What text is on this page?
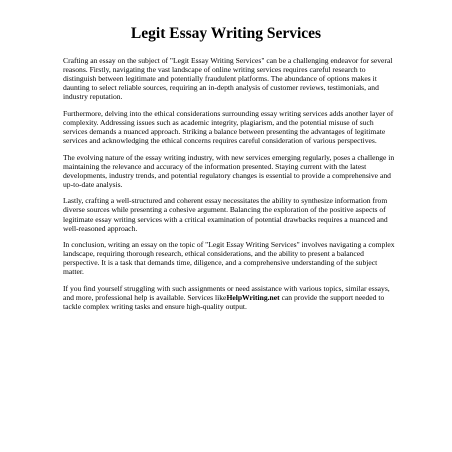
Legit Essay Writing Services

Crafting an essay on the subject of "Legit Essay Writing Services" can be a challenging endeavor for several reasons. Firstly, navigating the vast landscape of online writing services requires careful research to distinguish between legitimate and potentially fraudulent platforms. The abundance of options makes it daunting to select reliable sources, requiring an in-depth analysis of customer reviews, testimonials, and industry reputation.

Furthermore, delving into the ethical considerations surrounding essay writing services adds another layer of complexity. Addressing issues such as academic integrity, plagiarism, and the potential misuse of such services demands a nuanced approach. Striking a balance between presenting the advantages of legitimate services and acknowledging the ethical concerns requires careful consideration of various perspectives.

The evolving nature of the essay writing industry, with new services emerging regularly, poses a challenge in maintaining the relevance and accuracy of the information presented. Staying current with the latest developments, industry trends, and potential regulatory changes is essential to provide a comprehensive and up-to-date analysis.

Lastly, crafting a well-structured and coherent essay necessitates the ability to synthesize information from diverse sources while presenting a cohesive argument. Balancing the exploration of the positive aspects of legitimate essay writing services with a critical examination of potential drawbacks requires a nuanced and well-reasoned approach.

In conclusion, writing an essay on the topic of "Legit Essay Writing Services" involves navigating a complex landscape, requiring thorough research, ethical considerations, and the ability to present a balanced perspective. It is a task that demands time, diligence, and a comprehensive understanding of the subject matter.

If you find yourself struggling with such assignments or need assistance with various topics, similar essays, and more, professional help is available. Services likeHelpWriting.net can provide the support needed to tackle complex writing tasks and ensure high-quality output.
